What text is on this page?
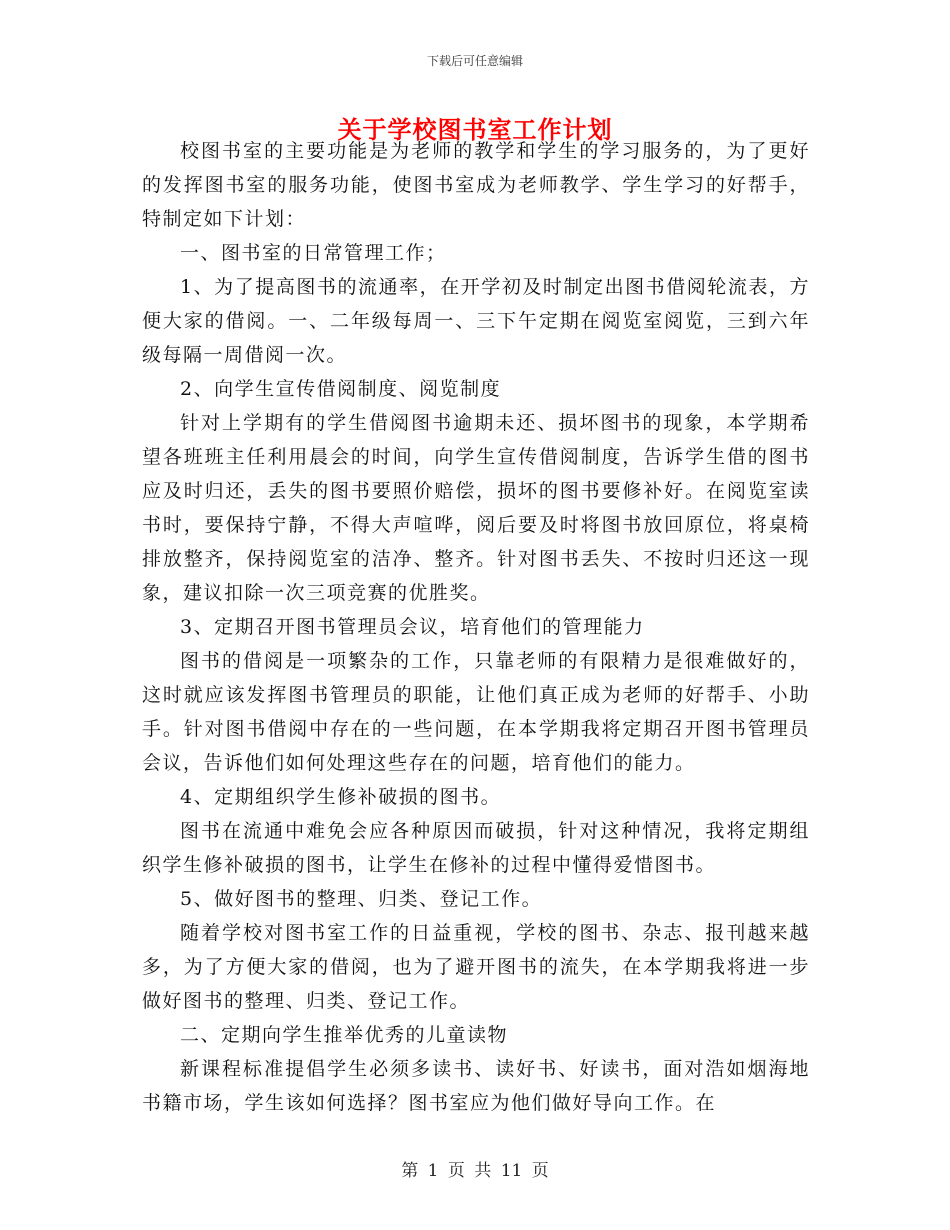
下载后可任意编辑
关于学校图书室工作计划

校图书室的主要功能是为老师的教学和学生的学习服务的，为了更好的发挥图书室的服务功能，使图书室成为老师教学、学生学习的好帮手，特制定如下计划：

一、图书室的日常管理工作；

1、为了提高图书的流通率，在开学初及时制定出图书借阅轮流表，方便大家的借阅。一、二年级每周一、三下午定期在阅览室阅览，三到六年级每隔一周借阅一次。

2、向学生宣传借阅制度、阅览制度

针对上学期有的学生借阅图书逾期未还、损坏图书的现象，本学期希望各班班主任利用晨会的时间，向学生宣传借阅制度，告诉学生借的图书应及时归还，丢失的图书要照价赔偿，损坏的图书要修补好。在阅览室读书时，要保持宁静，不得大声喧哗，阅后要及时将图书放回原位，将桌椅排放整齐，保持阅览室的洁净、整齐。针对图书丢失、不按时归还这一现象，建议扣除一次三项竞赛的优胜奖。

3、定期召开图书管理员会议，培育他们的管理能力

图书的借阅是一项繁杂的工作，只靠老师的有限精力是很难做好的，这时就应该发挥图书管理员的职能，让他们真正成为老师的好帮手、小助手。针对图书借阅中存在的一些问题，在本学期我将定期召开图书管理员会议，告诉他们如何处理这些存在的问题，培育他们的能力。

4、定期组织学生修补破损的图书。

图书在流通中难免会应各种原因而破损，针对这种情况，我将定期组织学生修补破损的图书，让学生在修补的过程中懂得爱惜图书。

5、做好图书的整理、归类、登记工作。

随着学校对图书室工作的日益重视，学校的图书、杂志、报刊越来越多，为了方便大家的借阅，也为了避开图书的流失，在本学期我将进一步做好图书的整理、归类、登记工作。

二、定期向学生推举优秀的儿童读物

新课程标准提倡学生必须多读书、读好书、好读书，面对浩如烟海地书籍市场，学生该如何选择？图书室应为他们做好导向工作。在

第 1 页 共 11 页
